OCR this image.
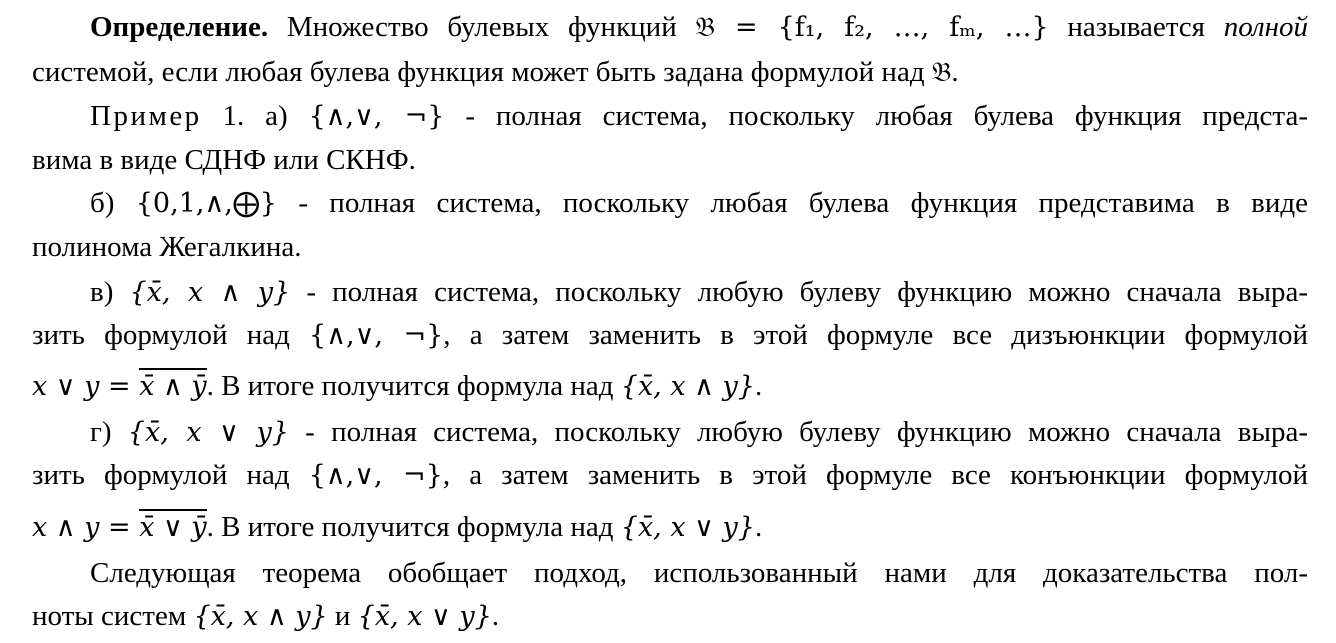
Определение. Множество булевых функций 𝔅 = {f₁, f₂, …, fₘ, …} называется полной
системой, если любая булева функция может быть задана формулой над 𝔅.
Пример 1. а) {∧,∨, ¬} - полная система, поскольку любая булева функция предста-
вима в виде СДНФ или СКНФ.
б) {0,1,∧,⨁} - полная система, поскольку любая булева функция представима в виде
полинома Жегалкина.
в) {x̄, x ∧ y} - полная система, поскольку любую булеву функцию можно сначала выра-
зить формулой над {∧,∨, ¬}, а затем заменить в этой формуле все дизъюнкции формулой
x ∨ y = x̄ ∧ ȳ. В итоге получится формула над {x̄, x ∧ y}.
г) {x̄, x ∨ y} - полная система, поскольку любую булеву функцию можно сначала выра-
зить формулой над {∧,∨, ¬}, а затем заменить в этой формуле все конъюнкции формулой
x ∧ y = x̄ ∨ ȳ. В итоге получится формула над {x̄, x ∨ y}.
Следующая теорема обобщает подход, использованный нами для доказательства пол-
ноты систем {x̄, x ∧ y} и {x̄, x ∨ y}.
